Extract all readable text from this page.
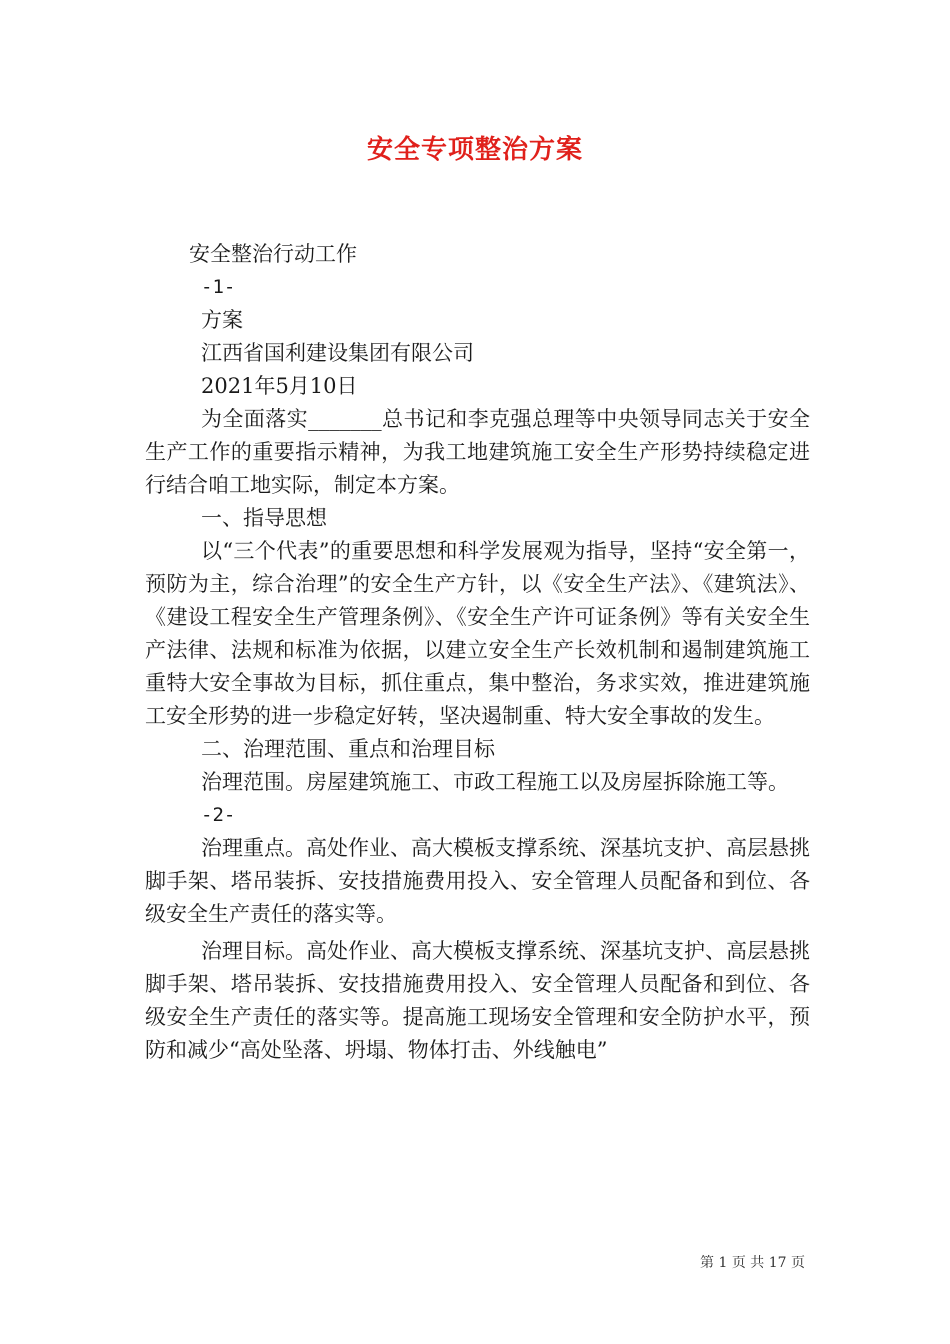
安全专项整治方案
安全整治行动工作
-1-
方案
江西省国利建设集团有限公司
2021年5月10日

为全面落实_______总书记和李克强总理等中央领导同志关于安全生产工作的重要指示精神，为我工地建筑施工安全生产形势持续稳定进行结合咱工地实际，制定本方案。

一、指导思想

以“三个代表”的重要思想和科学发展观为指导，坚持“安全第一，预防为主，综合治理”的安全生产方针，以《安全生产法》、《建筑法》、《建设工程安全生产管理条例》、《安全生产许可证条例》等有关安全生产法律、法规和标准为依据，以建立安全生产长效机制和遏制建筑施工重特大安全事故为目标，抓住重点，集中整治，务求实效，推进建筑施工安全形势的进一步稳定好转，坚决遏制重、特大安全事故的发生。

二、治理范围、重点和治理目标

治理范围。房屋建筑施工、市政工程施工以及房屋拆除施工等。

-2-

治理重点。高处作业、高大模板支撑系统、深基坑支护、高层悬挑脚手架、塔吊装拆、安技措施费用投入、安全管理人员配备和到位、各级安全生产责任的落实等。

治理目标。高处作业、高大模板支撑系统、深基坑支护、高层悬挑脚手架、塔吊装拆、安技措施费用投入、安全管理人员配备和到位、各级安全生产责任的落实等。提高施工现场安全管理和安全防护水平，预防和减少“高处坠落、坍塌、物体打击、外线触电”

第 1 页 共 17 页
